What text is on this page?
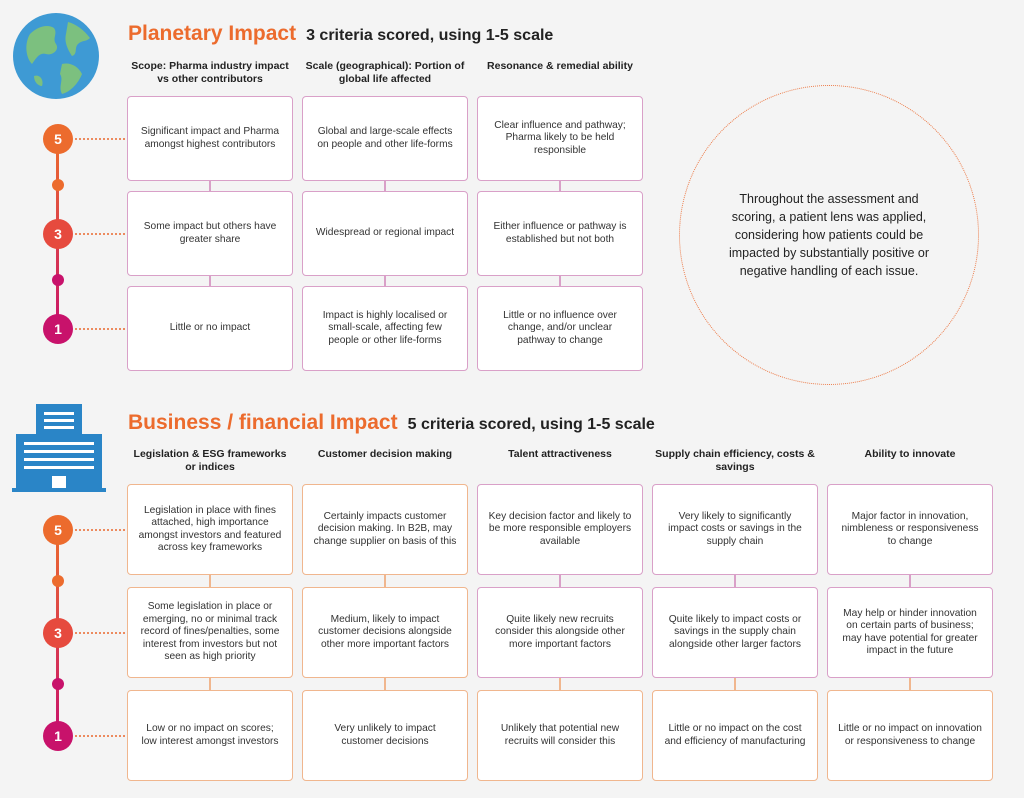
Planetary Impact 3 criteria scored, using 1-5 scale
Scope: Pharma industry impact vs other contributors
Scale (geographical): Portion of global life affected
Resonance & remedial ability
5
3
1
Significant impact and Pharma amongst highest contributors
Global and large-scale effects on people and other life-forms
Clear influence and pathway; Pharma likely to be held responsible
Some impact but others have greater share
Widespread or regional impact
Either influence or pathway is established but not both
Little or no impact
Impact is highly localised or small-scale, affecting few people or other life-forms
Little or no influence over change, and/or unclear pathway to change
Throughout the assessment and scoring, a patient lens was applied, considering how patients could be impacted by substantially positive or negative handling of each issue.
Business / financial Impact 5 criteria scored, using 1-5 scale
Legislation & ESG frameworks or indices
Customer decision making	Talent attractiveness	Supply chain efficiency, costs & savings
Ability to innovate
5
3
1
Legislation in place with fines attached, high importance amongst investors and featured across key frameworks
Certainly impacts customer decision making. In B2B, may change supplier on basis of this
Key decision factor and likely to be more responsible employers available
Very likely to significantly impact costs or savings in the supply chain
Major factor in innovation, nimbleness or responsiveness to change
Some legislation in place or emerging, no or minimal track record of fines/penalties, some interest from investors but not seen as high priority
Medium, likely to impact customer decisions alongside other more important factors
Quite likely new recruits consider this alongside other more important factors
Quite likely to impact costs or savings in the supply chain alongside other larger factors
May help or hinder innovation on certain parts of business; may have potential for greater impact in the future
Low or no impact on scores; low interest amongst investors
Very unlikely to impact customer decisions
Unlikely that potential new recruits will consider this
Little or no impact on the cost and efficiency of manufacturing
Little or no impact on innovation or responsiveness to change
